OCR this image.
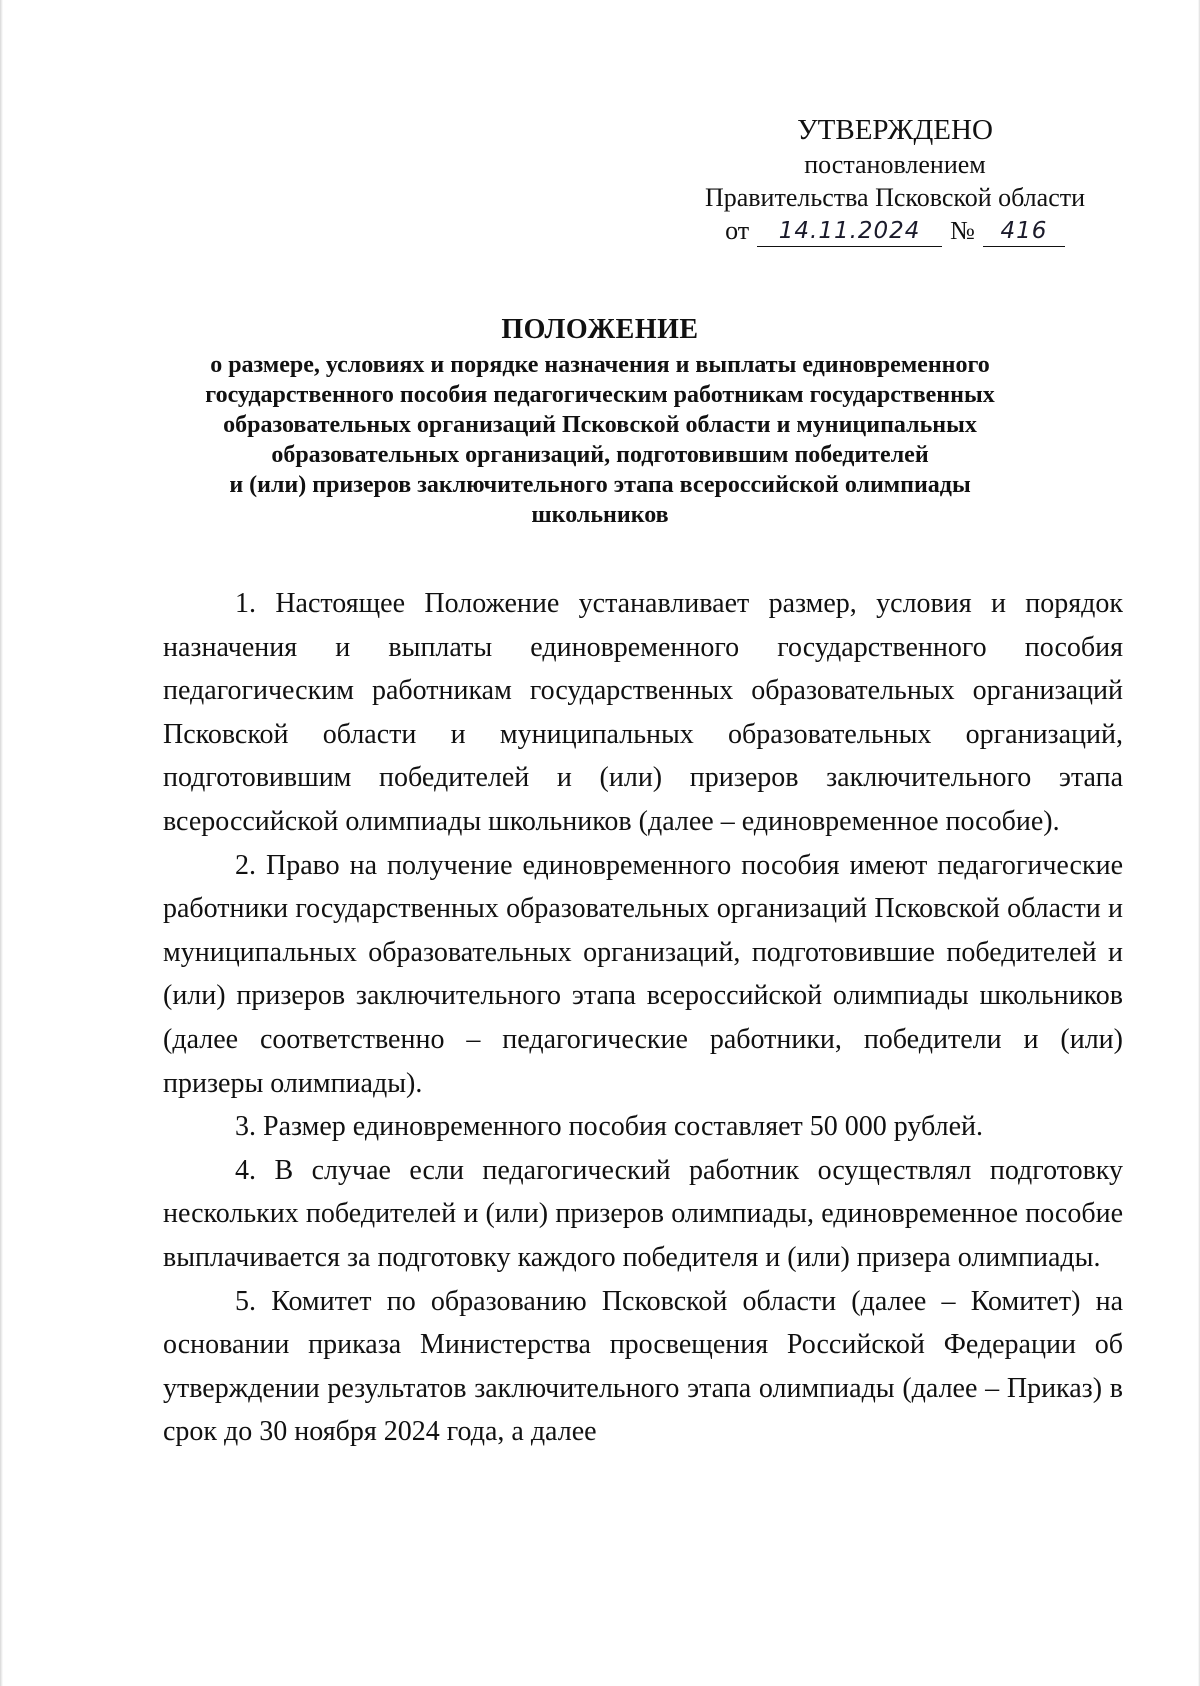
УТВЕРЖДЕНО
постановлением
Правительства Псковской области
от	14.11.2024	№	416
ПОЛОЖЕНИЕ
о размере, условиях и порядке назначения и выплаты единовременного
государственного пособия педагогическим работникам государственных
образовательных организаций Псковской области и муниципальных
образовательных организаций, подготовившим победителей
и (или) призеров заключительного этапа всероссийской олимпиады
школьников

1. Настоящее Положение устанавливает размер, условия и порядок назначения и выплаты единовременного государственного пособия педагогическим работникам государственных образовательных организаций Псковской области и муниципальных образовательных организаций, подготовившим победителей и (или) призеров заключительного этапа всероссийской олимпиады школьников (далее – единовременное пособие).

2. Право на получение единовременного пособия имеют педагогические работники государственных образовательных организаций Псковской области и муниципальных образовательных организаций, подготовившие победителей и (или) призеров заключительного этапа всероссийской олимпиады школьников (далее соответственно – педагогические работники, победители и (или) призеры олимпиады).

3. Размер единовременного пособия составляет 50 000 рублей.

4. В случае если педагогический работник осуществлял подготовку нескольких победителей и (или) призеров олимпиады, единовременное пособие выплачивается за подготовку каждого победителя и (или) призера олимпиады.

5. Комитет по образованию Псковской области (далее – Комитет) на основании приказа Министерства просвещения Российской Федерации об утверждении результатов заключительного этапа олимпиады (далее – Приказ) в срок до 30 ноября 2024 года, а далее
